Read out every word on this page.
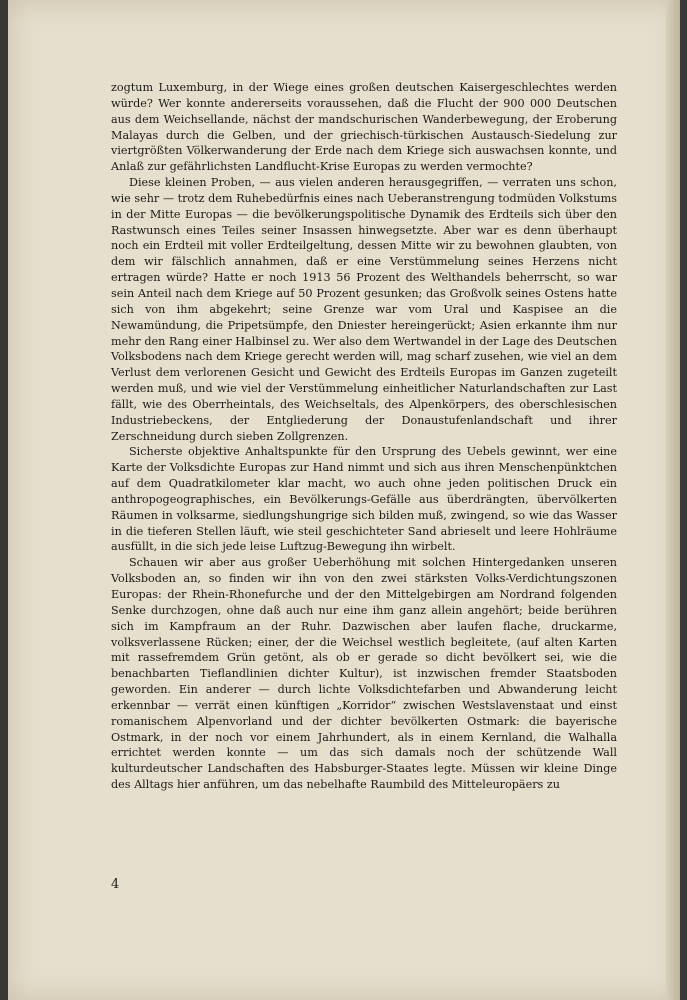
zogtum Luxemburg, in der Wiege eines großen deutschen Kaisergeschlechtes werden würde? Wer konnte andererseits voraussehen, daß die Flucht der 900 000 Deutschen aus dem Weichsellande, nächst der mandschurischen Wanderbewegung, der Eroberung Malayas durch die Gelben, und der griechisch-türkischen Austausch-Siedelung zur viertgrößten Völkerwanderung der Erde nach dem Kriege sich auswachsen konnte, und Anlaß zur gefährlichsten Landflucht-Krise Europas zu werden vermochte?

Diese kleinen Proben, — aus vielen anderen herausgegriffen, — verraten uns schon, wie sehr — trotz dem Ruhebedürfnis eines nach Ueberanstrengung todmüden Volkstums in der Mitte Europas — die bevölkerungspolitische Dynamik des Erdteils sich über den Rastwunsch eines Teiles seiner Insassen hinwegsetzte. Aber war es denn überhaupt noch ein Erdteil mit voller Erdteilgeltung, dessen Mitte wir zu bewohnen glaubten, von dem wir fälschlich annahmen, daß er eine Verstümmelung seines Herzens nicht ertragen würde? Hatte er noch 1913 56 Prozent des Welthandels beherrscht, so war sein Anteil nach dem Kriege auf 50 Prozent gesunken; das Großvolk seines Ostens hatte sich von ihm abgekehrt; seine Grenze war vom Ural und Kaspisee an die Newamündung, die Pripetsümpfe, den Dniester hereingerückt; Asien erkannte ihm nur mehr den Rang einer Halbinsel zu. Wer also dem Wertwandel in der Lage des Deutschen Volksbodens nach dem Kriege gerecht werden will, mag scharf zusehen, wie viel an dem Verlust dem verlorenen Gesicht und Gewicht des Erdteils Europas im Ganzen zugeteilt werden muß, und wie viel der Verstümmelung einheitlicher Naturlandschaften zur Last fällt, wie des Oberrheintals, des Weichseltals, des Alpenkörpers, des oberschlesischen Industriebeckens, der Entgliederung der Donaustufenlandschaft und ihrer Zerschneidung durch sieben Zollgrenzen.

Sicherste objektive Anhaltspunkte für den Ursprung des Uebels gewinnt, wer eine Karte der Volksdichte Europas zur Hand nimmt und sich aus ihren Menschenpünktchen auf dem Quadratkilometer klar macht, wo auch ohne jeden politischen Druck ein anthropogeographisches, ein Bevölkerungs-Gefälle aus überdrängten, übervölkerten Räumen in volksarme, siedlungshungrige sich bilden muß, zwingend, so wie das Wasser in die tieferen Stellen läuft, wie steil geschichteter Sand abrieselt und leere Hohlräume ausfüllt, in die sich jede leise Luftzug-Bewegung ihn wirbelt.

Schauen wir aber aus großer Ueberhöhung mit solchen Hintergedanken unseren Volksboden an, so finden wir ihn von den zwei stärksten Volks-Verdichtungszonen Europas: der Rhein-Rhonefurche und der den Mittelgebirgen am Nordrand folgenden Senke durchzogen, ohne daß auch nur eine ihm ganz allein angehört; beide berühren sich im Kampfraum an der Ruhr. Dazwischen aber laufen flache, druckarme, volksverlassene Rücken; einer, der die Weichsel westlich begleitete, (auf alten Karten mit rassefremdem Grün getönt, als ob er gerade so dicht bevölkert sei, wie die benachbarten Tieflandlinien dichter Kultur), ist inzwischen fremder Staatsboden geworden. Ein anderer — durch lichte Volksdichtefarben und Abwanderung leicht erkennbar — verrät einen künftigen „Korridor“ zwischen Westslavenstaat und einst romanischem Alpenvorland und der dichter bevölkerten Ostmark: die bayerische Ostmark, in der noch vor einem Jahrhundert, als in einem Kernland, die Walhalla errichtet werden konnte — um das sich damals noch der schützende Wall kulturdeutscher Landschaften des Habsburger-Staates legte. Müssen wir kleine Dinge des Alltags hier anführen, um das nebelhafte Raumbild des Mitteleuropäers zu

4
